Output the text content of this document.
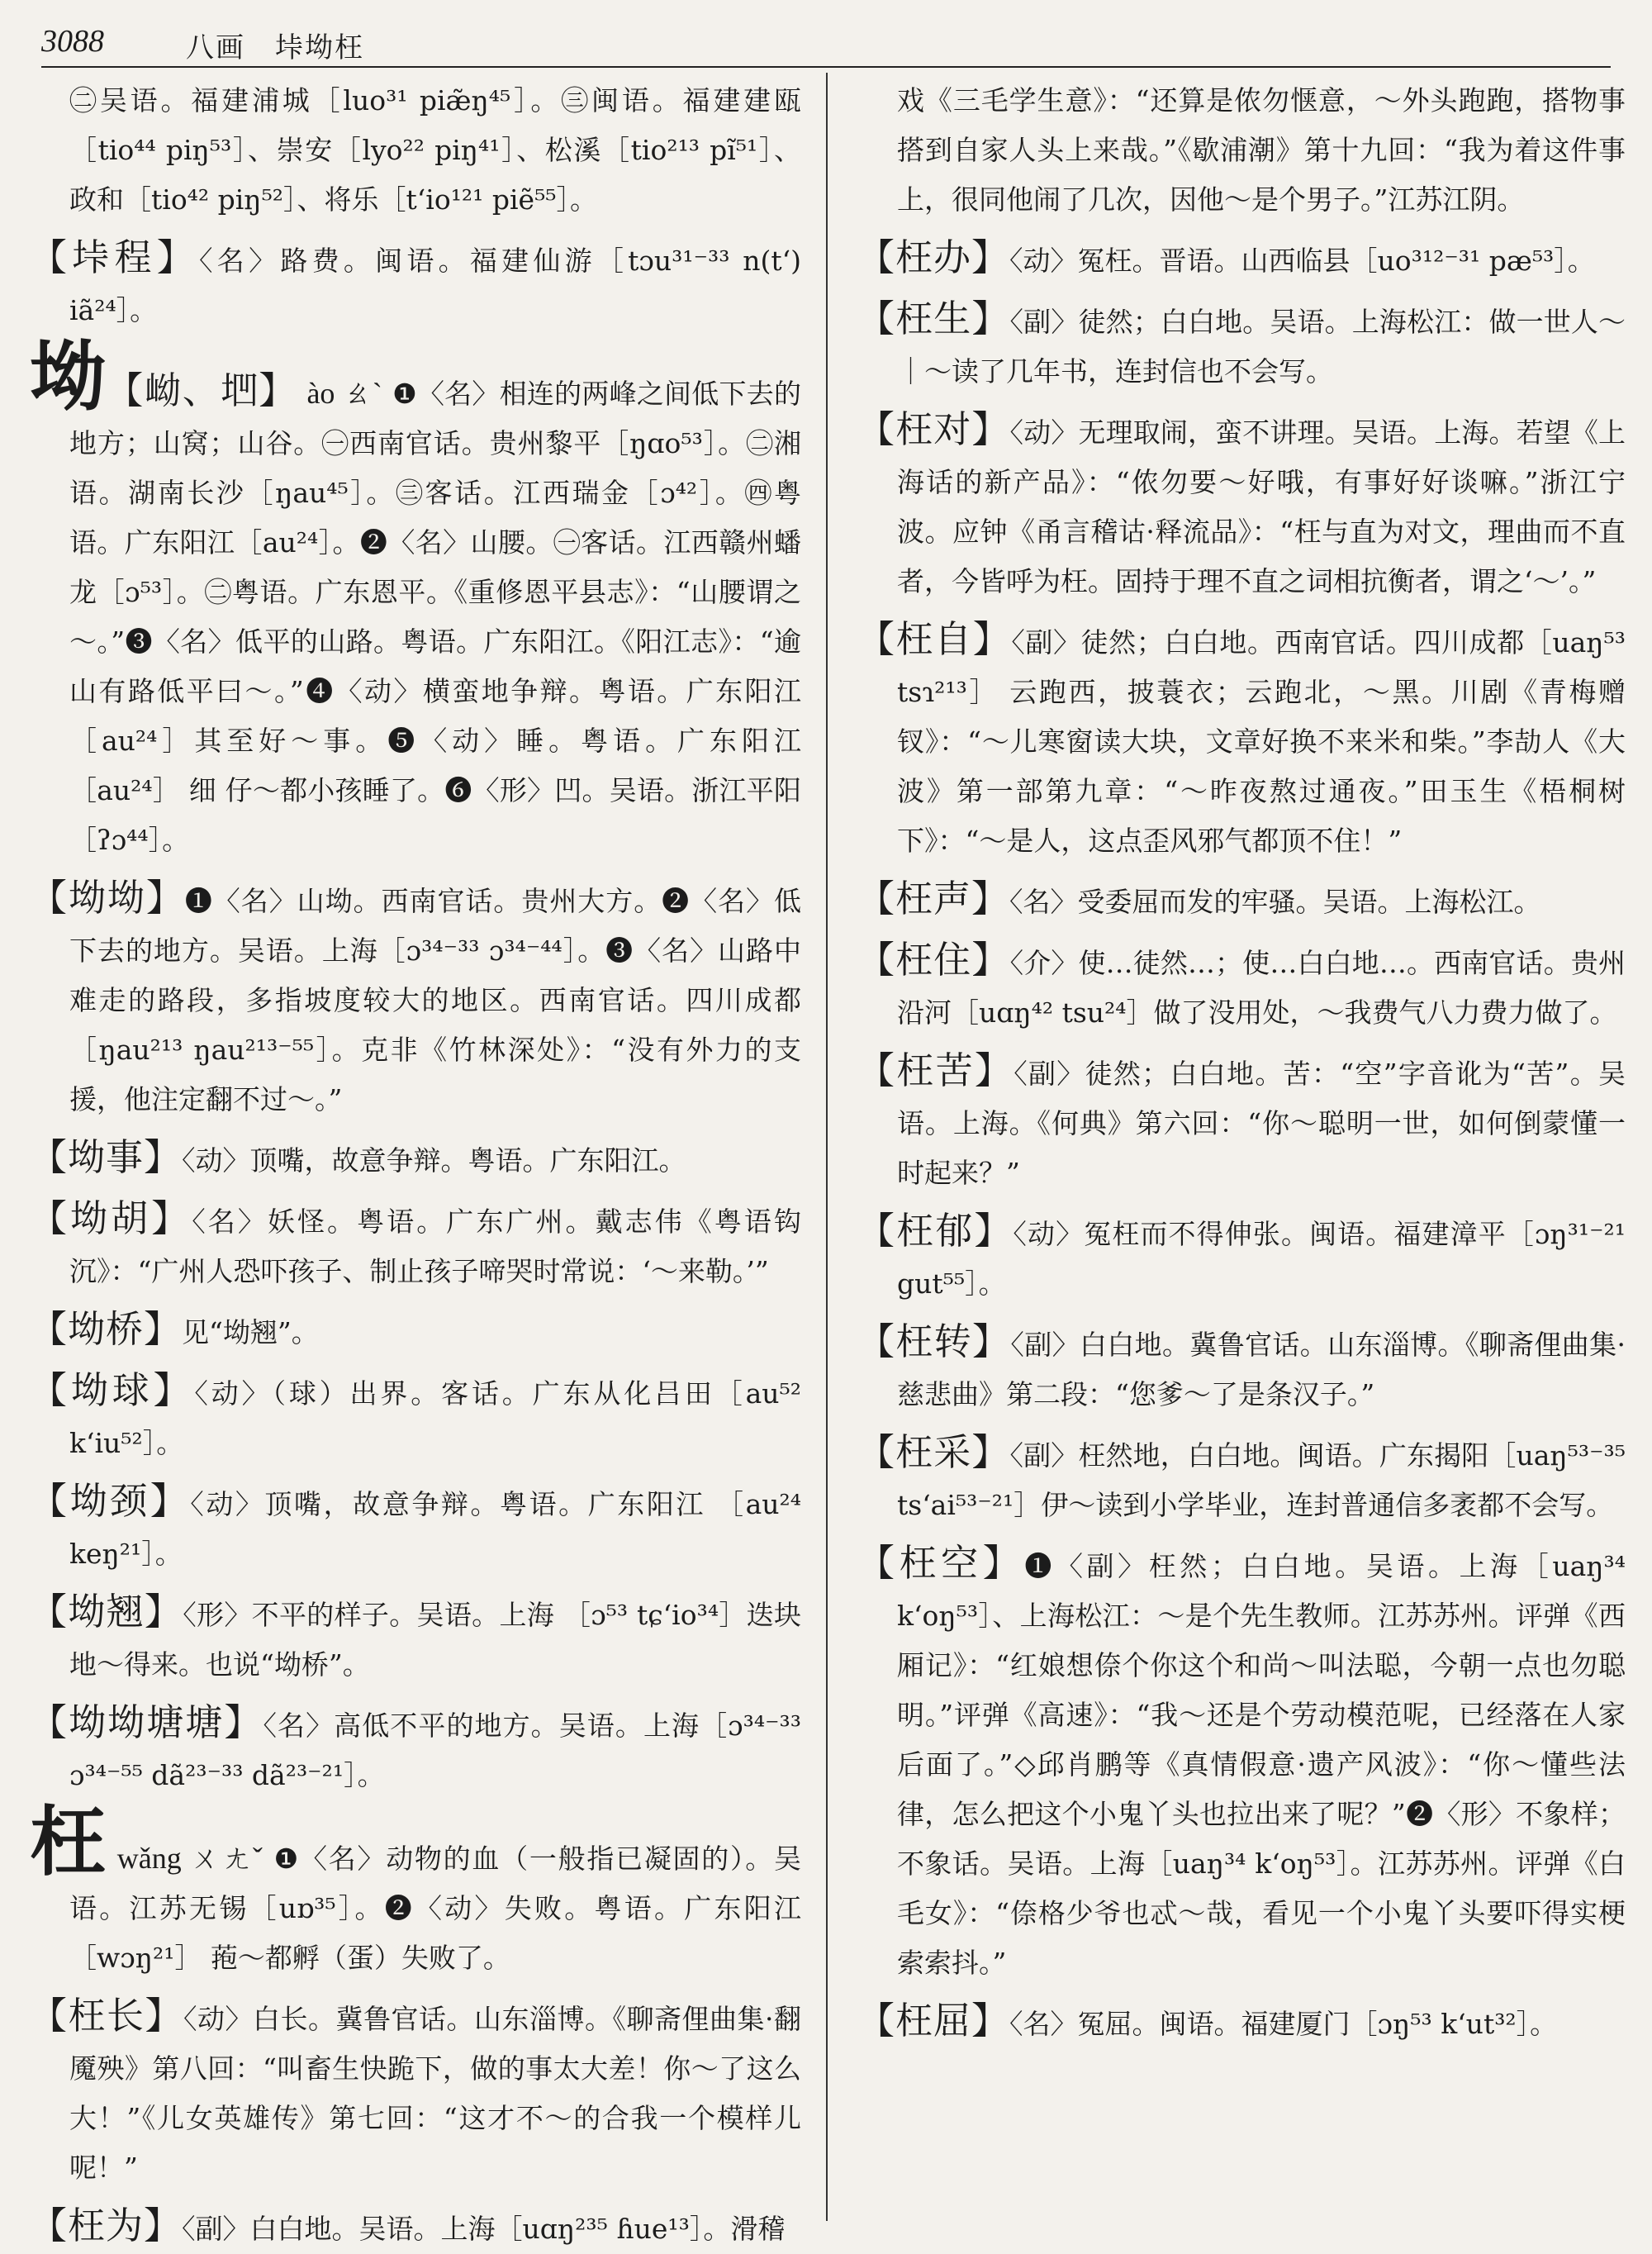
3088	八画　垰坳枉

㊁吴语。福建浦城［luo³¹ piæ̃ŋ⁴⁵］。㊂闽语。福建建瓯［tio⁴⁴ piŋ⁵³］、崇安［lyo²² piŋ⁴¹］、松溪［tio²¹³ pĩ⁵¹］、政和［tio⁴² piŋ⁵²］、将乐［t‘io¹²¹ piẽ⁵⁵］。

【垰程】〈名〉路费。闽语。福建仙游［tɔu³¹⁻³³ n(t‘) iã²⁴］。

坳【岰、垇】 ào ㄠˋ ❶〈名〉相连的两峰之间低下去的地方；山窝；山谷。㊀西南官话。贵州黎平［ŋɑo⁵³］。㊁湘语。湖南长沙［ŋau⁴⁵］。㊂客话。江西瑞金［ɔ⁴²］。㊃粤语。广东阳江［au²⁴］。❷〈名〉山腰。㊀客话。江西赣州蟠龙［ɔ⁵³］。㊁粤语。广东恩平。《重修恩平县志》：“山腰谓之～。”❸〈名〉低平的山路。粤语。广东阳江。《阳江志》：“逾山有路低平曰～。”❹〈动〉横蛮地争辩。粤语。广东阳江［au²⁴］其至好～事。❺〈动〉睡。粤语。广东阳江［au²⁴］ 细 仔～都小孩睡了。❻〈形〉凹。吴语。浙江平阳［ʔɔ⁴⁴］。

【坳坳】❶〈名〉山坳。西南官话。贵州大方。❷〈名〉低下去的地方。吴语。上海［ɔ³⁴⁻³³ ɔ³⁴⁻⁴⁴］。❸〈名〉山路中难走的路段，多指坡度较大的地区。西南官话。四川成都［ŋau²¹³ ŋau²¹³⁻⁵⁵］。克非《竹林深处》：“没有外力的支援，他注定翻不过～。”

【坳事】〈动〉顶嘴，故意争辩。粤语。广东阳江。

【坳胡】〈名〉妖怪。粤语。广东广州。戴志伟《粤语钩沉》：“广州人恐吓孩子、制止孩子啼哭时常说：‘～来勒。’”

【坳桥】见“坳翘”。

【坳球】〈动〉（球）出界。客话。广东从化吕田［au⁵² k‘iu⁵²］。

【坳颈】〈动〉顶嘴，故意争辩。粤语。广东阳江 ［au²⁴ keŋ²¹］。

【坳翘】〈形〉不平的样子。吴语。上海 ［ɔ⁵³ tɕ‘io³⁴］迭块地～得来。也说“坳桥”。

【坳坳塘塘】〈名〉高低不平的地方。吴语。上海［ɔ³⁴⁻³³ ɔ³⁴⁻⁵⁵ dã²³⁻³³ dã²³⁻²¹］。

枉wǎng ㄨㄤˇ ❶〈名〉动物的血（一般指已凝固的）。吴语。江苏无锡［uɒ³⁵］。❷〈动〉失败。粤语。广东阳江［wɔŋ²¹］ 菢～都孵（蛋）失败了。

【枉长】〈动〉白长。冀鲁官话。山东淄博。《聊斋俚曲集·翻魇殃》第八回：“叫畜生快跪下，做的事太大差！你～了这么大！”《儿女英雄传》第七回：“这才不～的合我一个模样儿呢！”

【枉为】〈副〉白白地。吴语。上海［uɑŋ²³⁵ ɦue¹³］。滑稽

戏《三毛学生意》：“还算是侬勿惬意，～外头跑跑，搭物事搭到自家人头上来哉。”《歇浦潮》第十九回：“我为着这件事上，很同他闹了几次，因他～是个男子。”江苏江阴。

【枉办】〈动〉冤枉。晋语。山西临县［uo³¹²⁻³¹ pæ⁵³］。

【枉生】〈副〉徒然；白白地。吴语。上海松江：做一世人～｜～读了几年书，连封信也不会写。

【枉对】〈动〉无理取闹，蛮不讲理。吴语。上海。若望《上海话的新产品》：“侬勿要～好哦，有事好好谈嘛。”浙江宁波。应钟《甬言稽诂·释流品》：“枉与直为对文，理曲而不直者，今皆呼为枉。固持于理不直之词相抗衡者，谓之‘～’。”

【枉自】〈副〉徒然；白白地。西南官话。四川成都［uaŋ⁵³ tsɿ²¹³］ 云跑西，披蓑衣；云跑北，～黑。川剧《青梅赠钗》：“～儿寒窗读大块，文章好换不来米和柴。”李劼人《大波》第一部第九章：“～昨夜熬过通夜。”田玉生《梧桐树下》：“～是人，这点歪风邪气都顶不住！”

【枉声】〈名〉受委屈而发的牢骚。吴语。上海松江。

【枉住】〈介〉使…徒然…；使…白白地…。西南官话。贵州沿河［uɑŋ⁴² tsu²⁴］做了没用处，～我费气八力费力做了。

【枉苦】〈副〉徒然；白白地。苦：“空”字音讹为“苦”。吴语。上海。《何典》第六回：“你～聪明一世，如何倒蒙懂一时起来？”

【枉郁】〈动〉冤枉而不得伸张。闽语。福建漳平［ɔŋ³¹⁻²¹ gut⁵⁵］。

【枉转】〈副〉白白地。冀鲁官话。山东淄博。《聊斋俚曲集·慈悲曲》第二段：“您爹～了是条汉子。”

【枉采】〈副〉枉然地，白白地。闽语。广东揭阳［uaŋ⁵³⁻³⁵ ts‘ai⁵³⁻²¹］伊～读到小学毕业，连封普通信多袤都不会写。

【枉空】❶〈副〉枉然；白白地。吴语。上海［uaŋ³⁴ k‘oŋ⁵³］、上海松江：～是个先生教师。江苏苏州。评弹《西厢记》：“红娘想倷个你这个和尚～叫法聪，今朝一点也勿聪明。”评弹《高速》：“我～还是个劳动模范呢，已经落在人家后面了。”◇邱肖鹏等《真情假意·遗产风波》：“你～懂些法律，怎么把这个小鬼丫头也拉出来了呢？”❷〈形〉不象样；不象话。吴语。上海［uaŋ³⁴ k‘oŋ⁵³］。江苏苏州。评弹《白毛女》：“倷格少爷也忒～哉，看见一个小鬼丫头要吓得实梗索索抖。”

【枉屈】〈名〉冤屈。闽语。福建厦门［ɔŋ⁵³ k‘ut³²］。
